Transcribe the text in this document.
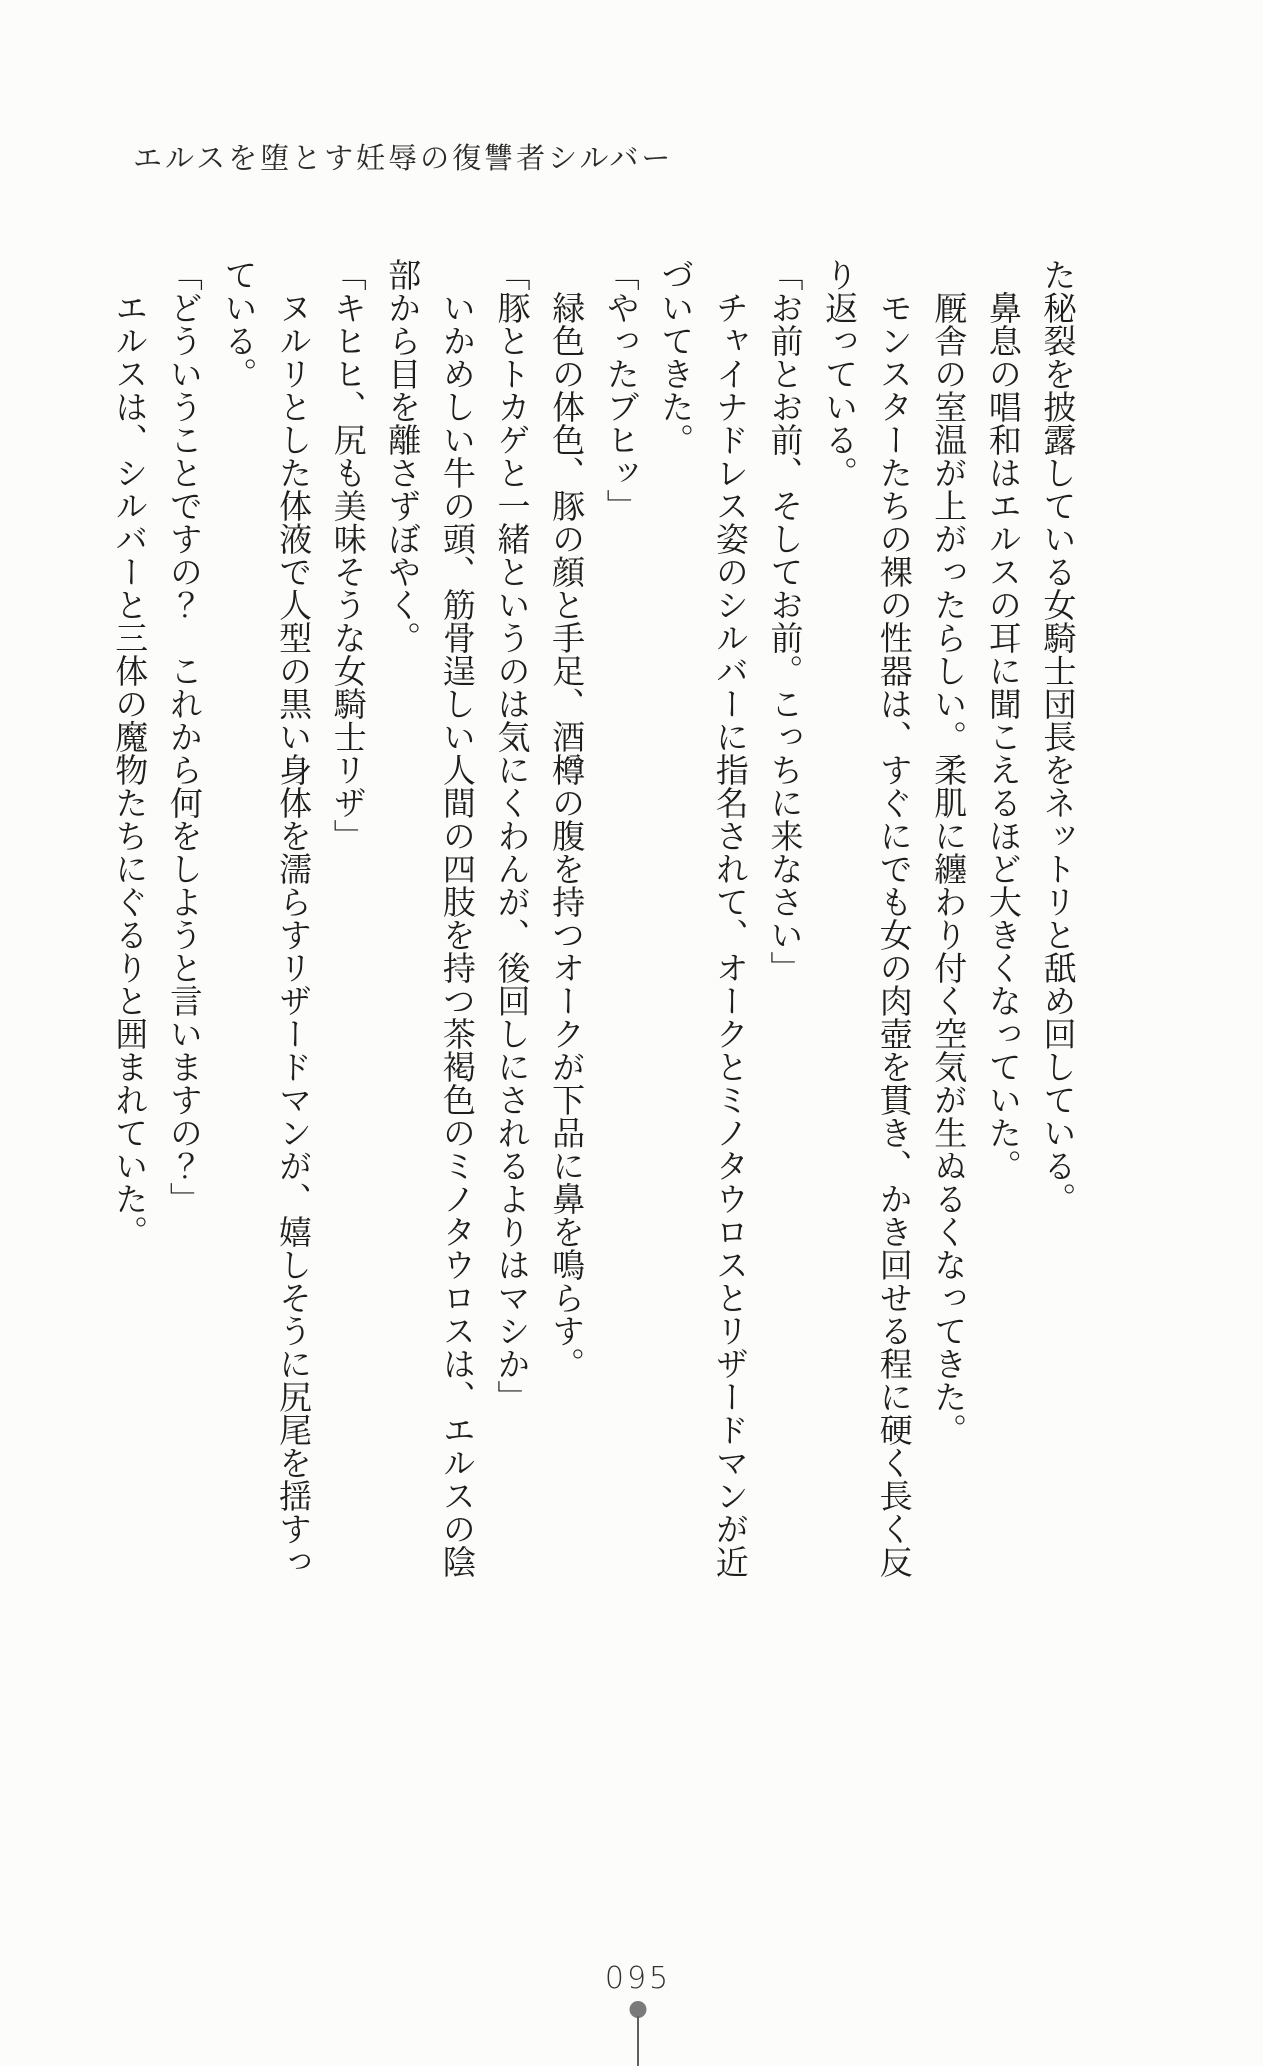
エルスを堕とす妊辱の復讐者シルバー
た秘裂を披露している女騎士団長をネットリと舐め回している。
鼻息の唱和はエルスの耳に聞こえるほど大きくなっていた。
厩舎の室温が上がったらしい。柔肌に纏わり付く空気が生ぬるくなってきた。
モンスターたちの裸の性器は、すぐにでも女の肉壺を貫き、かき回せる程に硬く長く反
り返っている。
「お前とお前、そしてお前。こっちに来なさい」
チャイナドレス姿のシルバーに指名されて、オークとミノタウロスとリザードマンが近
づいてきた。
「やったブヒッ」
緑色の体色、豚の顔と手足、酒樽の腹を持つオークが下品に鼻を鳴らす。
「豚とトカゲと一緒というのは気にくわんが、後回しにされるよりはマシか」
いかめしい牛の頭、筋骨逞しい人間の四肢を持つ茶褐色のミノタウロスは、エルスの陰
部から目を離さずぼやく。
「キヒヒ、尻も美味そうな女騎士リザ」
ヌルリとした体液で人型の黒い身体を濡らすリザードマンが、嬉しそうに尻尾を揺すっ
ている。
「どういうことですの？　これから何をしようと言いますの？」
エルスは、シルバーと三体の魔物たちにぐるりと囲まれていた。
095
